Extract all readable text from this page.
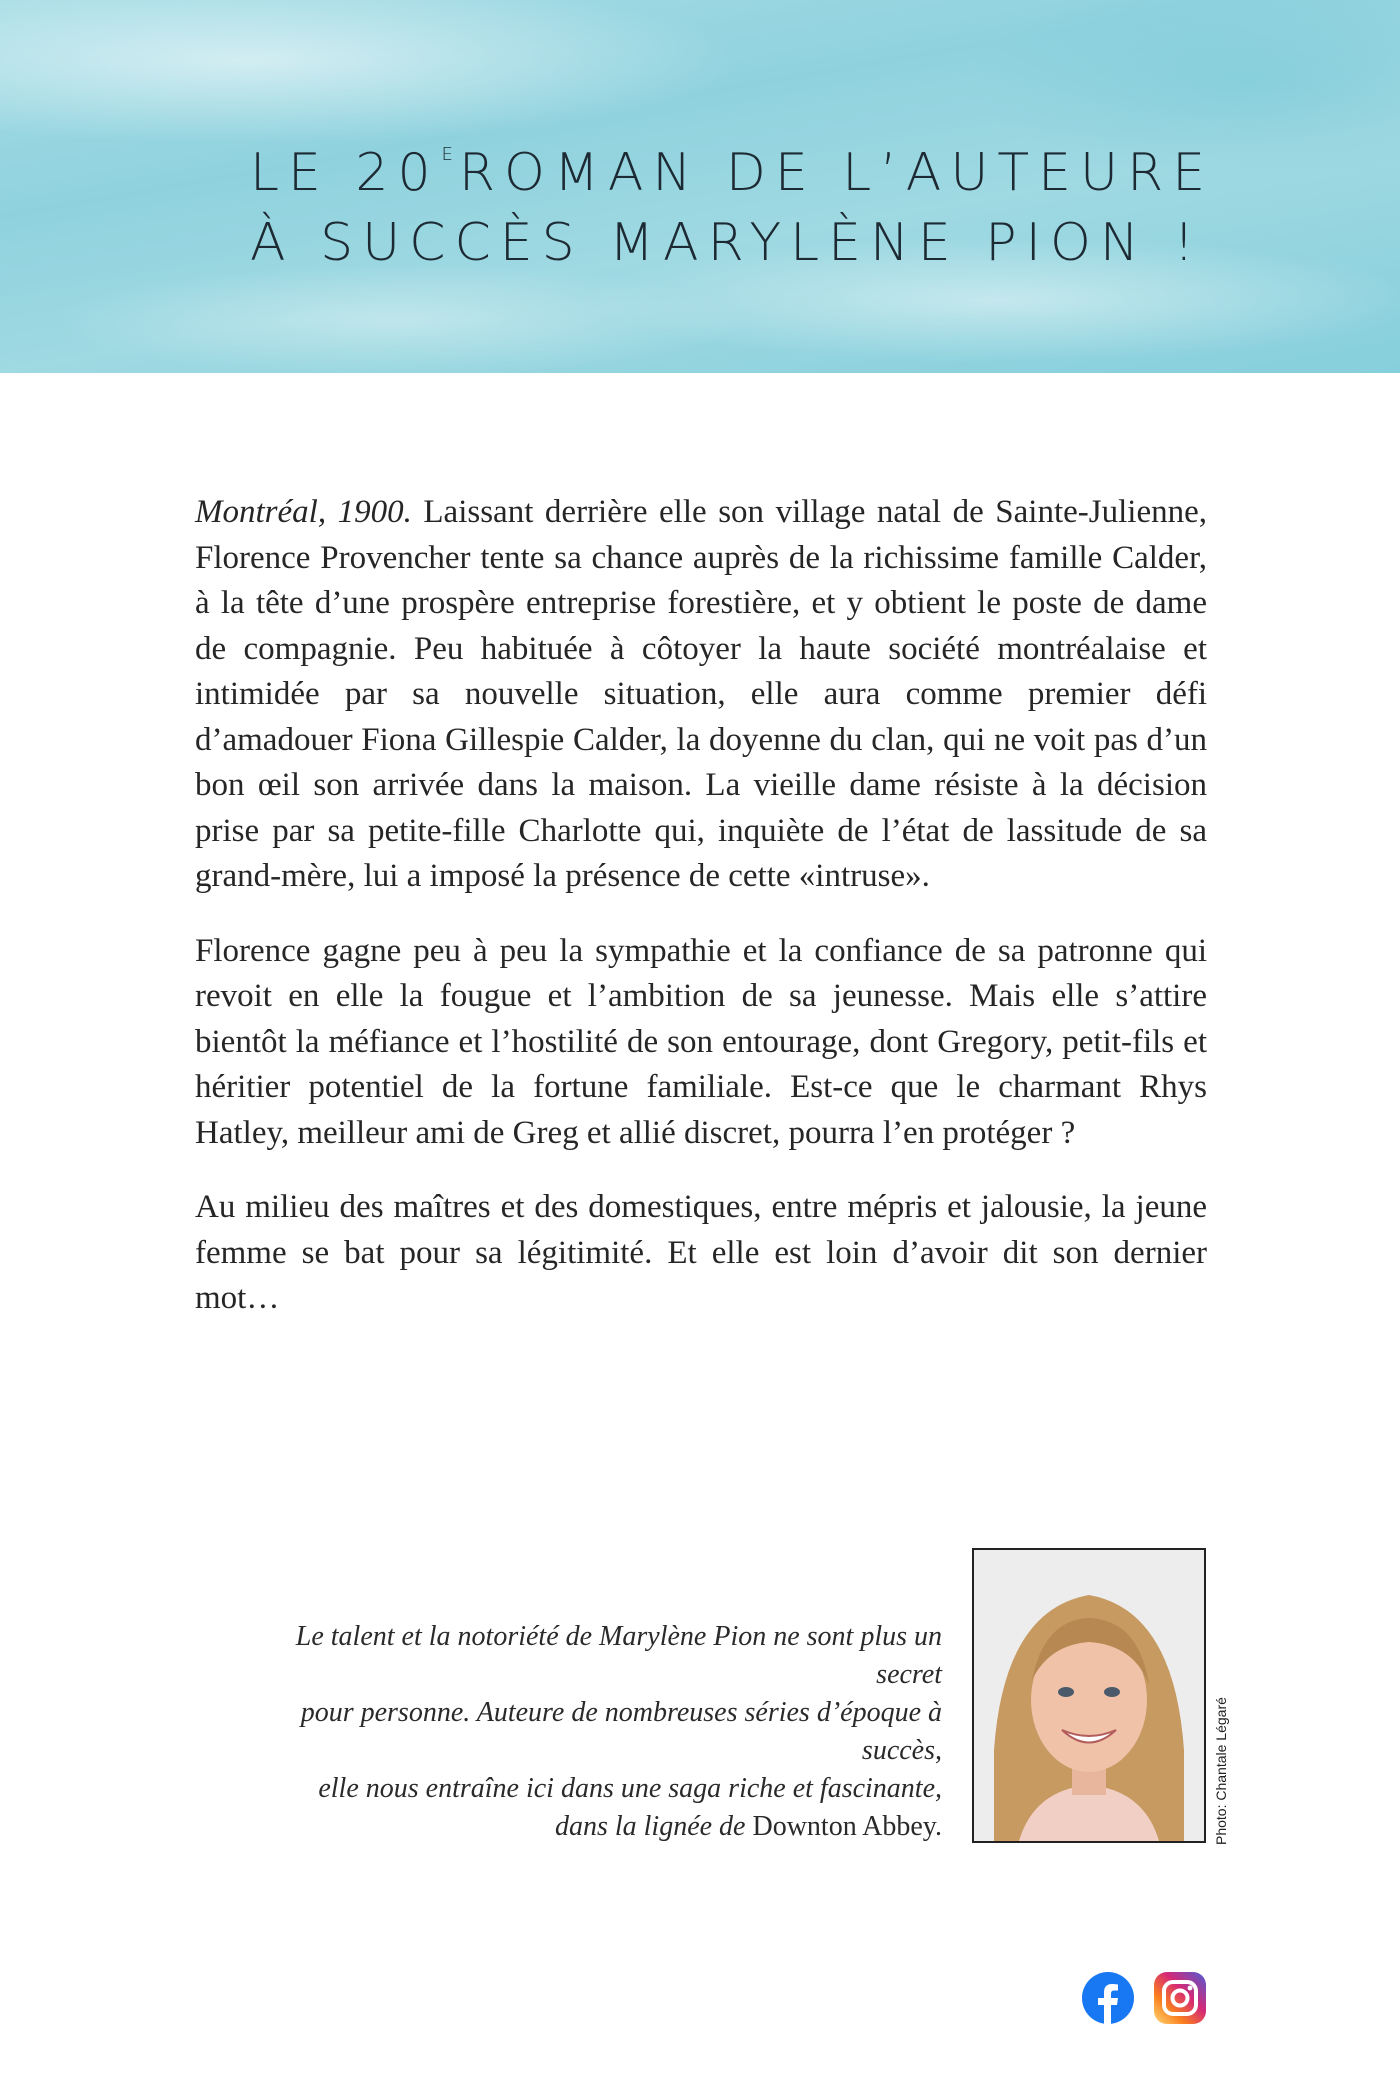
LE 20 $^E$ ROMAN DE L’AUTEURE
À SUCCÈS MARYLÈNE PION !

Montréal, 1900. Laissant derrière elle son village natal de Sainte-Julienne, Florence Provencher tente sa chance auprès de la richissime famille Calder, à la tête d’une prospère entreprise forestière, et y obtient le poste de dame de compagnie. Peu habituée à côtoyer la haute société montréalaise et intimidée par sa nouvelle situation, elle aura comme premier défi d’amadouer Fiona Gillespie Calder, la doyenne du clan, qui ne voit pas d’un bon œil son arrivée dans la maison. La vieille dame résiste à la décision prise par sa petite-fille Charlotte qui, inquiète de l’état de lassitude de sa grand-mère, lui a imposé la présence de cette «intruse».

Florence gagne peu à peu la sympathie et la confiance de sa patronne qui revoit en elle la fougue et l’ambition de sa jeunesse. Mais elle s’attire bientôt la méfiance et l’hostilité de son entourage, dont Gregory, petit-fils et héritier potentiel de la fortune familiale. Est-ce que le charmant Rhys Hatley, meilleur ami de Greg et allié discret, pourra l’en protéger ?

Au milieu des maîtres et des domestiques, entre mépris et jalousie, la jeune femme se bat pour sa légitimité. Et elle est loin d’avoir dit son dernier mot…

Le talent et la notoriété de Marylène Pion ne sont plus un secret
pour personne. Auteure de nombreuses séries d’époque à succès,
elle nous entraîne ici dans une saga riche et fascinante,
dans la lignée de Downton Abbey.	Photo: Chantale Légaré
